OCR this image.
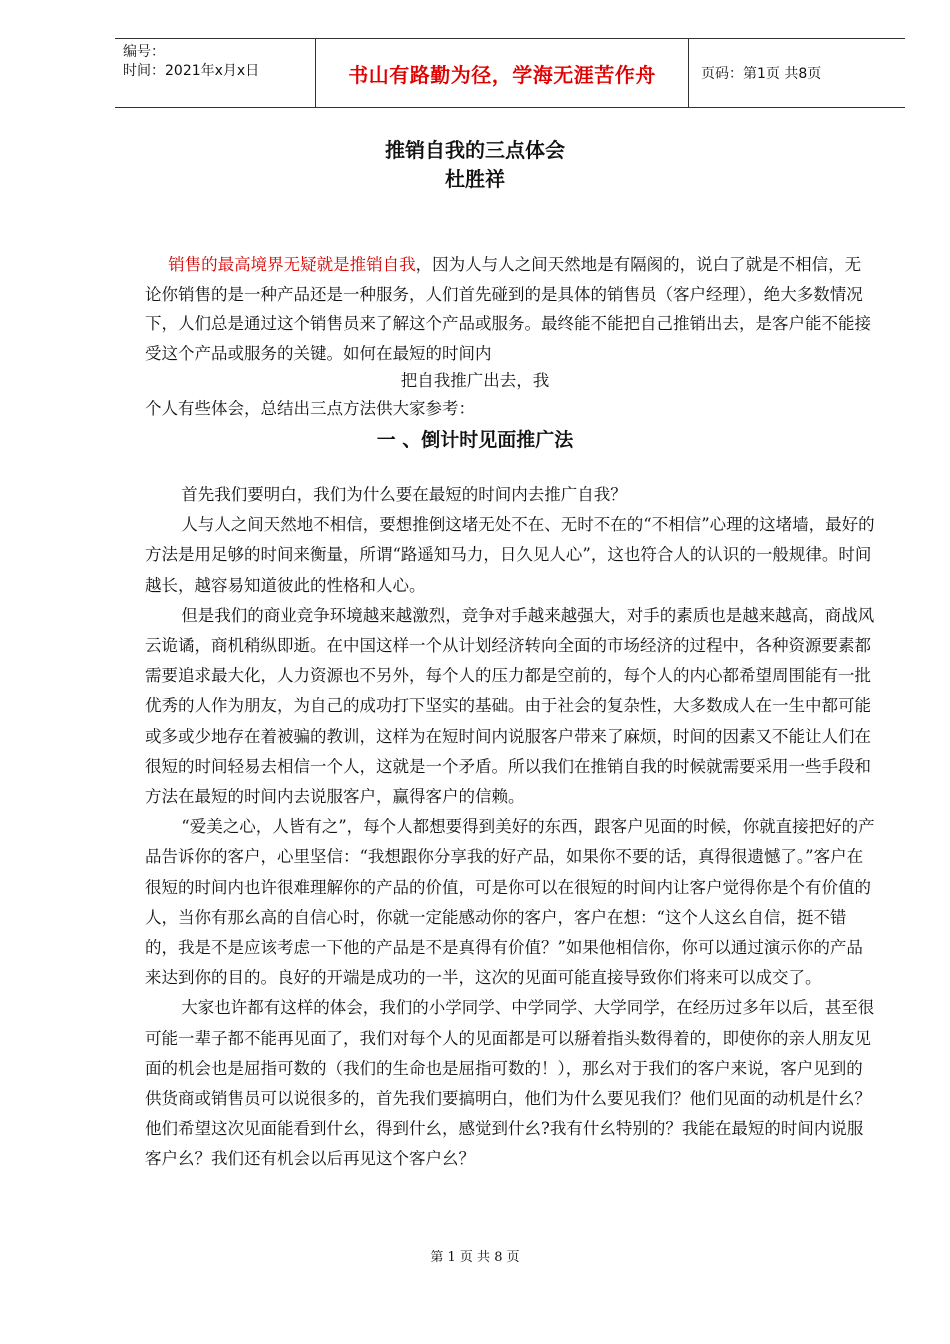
编号：
时间：2021年x月x日	书山有路勤为径，学海无涯苦作舟	页码：第1页 共8页
推销自我的三点体会
杜胜祥
销售的最高境界无疑就是推销自我，因为人与人之间天然地是有隔阂的，说白了就是不相信，无论你销售的是一种产品还是一种服务，人们首先碰到的是具体的销售员（客户经理），绝大多数情况下，人们总是通过这个销售员来了解这个产品或服务。最终能不能把自己推销出去，是客户能不能接受这个产品或服务的关键。如何在最短的时间内
把自我推广出去，我
个人有些体会，总结出三点方法供大家参考：
一 、倒计时见面推广法

首先我们要明白，我们为什么要在最短的时间内去推广自我？

人与人之间天然地不相信，要想推倒这堵无处不在、无时不在的“不相信”心理的这堵墙，最好的方法是用足够的时间来衡量，所谓“路遥知马力，日久见人心”，这也符合人的认识的一般规律。时间越长，越容易知道彼此的性格和人心。

但是我们的商业竞争环境越来越激烈，竞争对手越来越强大，对手的素质也是越来越高，商战风云诡谲，商机稍纵即逝。在中国这样一个从计划经济转向全面的市场经济的过程中，各种资源要素都需要追求最大化，人力资源也不另外，每个人的压力都是空前的，每个人的内心都希望周围能有一批优秀的人作为朋友，为自己的成功打下坚实的基础。由于社会的复杂性，大多数成人在一生中都可能或多或少地存在着被骗的教训，这样为在短时间内说服客户带来了麻烦，时间的因素又不能让人们在很短的时间轻易去相信一个人，这就是一个矛盾。所以我们在推销自我的时候就需要采用一些手段和方法在最短的时间内去说服客户，赢得客户的信赖。

“爱美之心，人皆有之”，每个人都想要得到美好的东西，跟客户见面的时候，你就直接把好的产品告诉你的客户，心里坚信：“我想跟你分享我的好产品，如果你不要的话，真得很遗憾了。”客户在很短的时间内也许很难理解你的产品的价值，可是你可以在很短的时间内让客户觉得你是个有价值的人，当你有那幺高的自信心时，你就一定能感动你的客户，客户在想：“这个人这幺自信，挺不错的，我是不是应该考虑一下他的产品是不是真得有价值？”如果他相信你，你可以通过演示你的产品来达到你的目的。良好的开端是成功的一半，这次的见面可能直接导致你们将来可以成交了。

大家也许都有这样的体会，我们的小学同学、中学同学、大学同学，在经历过多年以后，甚至很可能一辈子都不能再见面了，我们对每个人的见面都是可以掰着指头数得着的，即使你的亲人朋友见面的机会也是屈指可数的（我们的生命也是屈指可数的！），那幺对于我们的客户来说，客户见到的供货商或销售员可以说很多的，首先我们要搞明白，他们为什么要见我们？他们见面的动机是什幺？他们希望这次见面能看到什幺，得到什幺，感觉到什幺?我有什幺特别的？我能在最短的时间内说服客户幺？我们还有机会以后再见这个客户幺？

第 1 页 共 8 页
